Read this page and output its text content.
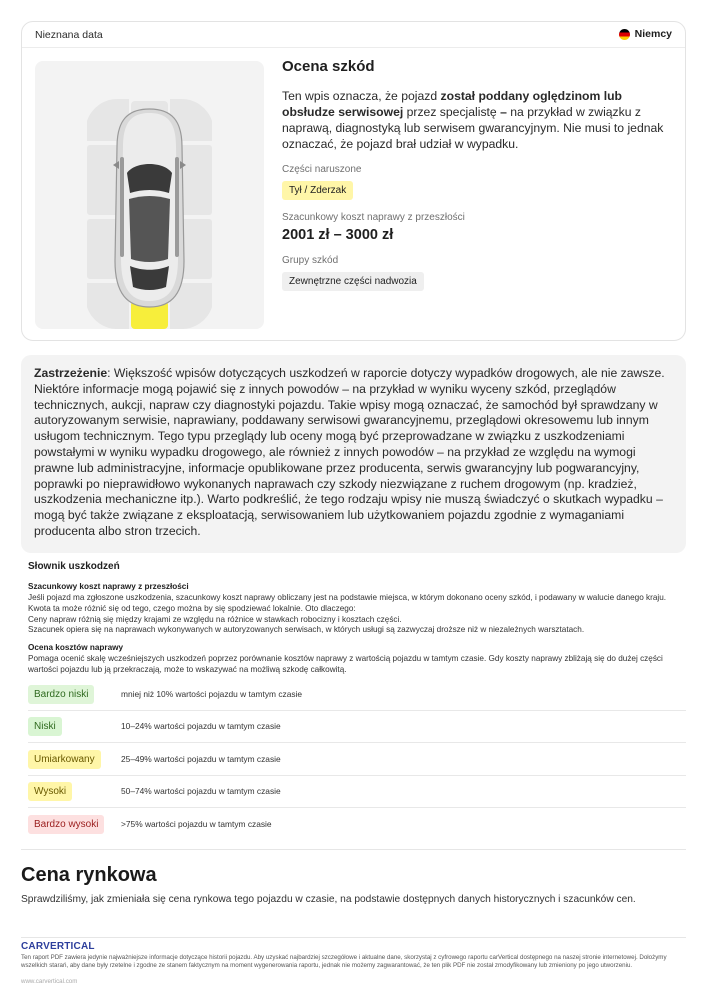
Nieznana data	Niemcy
Ocena szkód
Ten wpis oznacza, że pojazd został poddany oględzinom lub obsłudze serwisowej przez specjalistę – na przykład w związku z naprawą, diagnostyką lub serwisem gwarancyjnym. Nie musi to jednak oznaczać, że pojazd brał udział w wypadku.
Części naruszone
Tył / Zderzak
Szacunkowy koszt naprawy z przeszłości
2001 zł – 3000 zł
Grupy szkód
Zewnętrzne części nadwozia
Zastrzeżenie: Większość wpisów dotyczących uszkodzeń w raporcie dotyczy wypadków drogowych, ale nie zawsze. Niektóre informacje mogą pojawić się z innych powodów – na przykład w wyniku wyceny szkód, przeglądów technicznych, aukcji, napraw czy diagnostyki pojazdu. Takie wpisy mogą oznaczać, że samochód był sprawdzany w autoryzowanym serwisie, naprawiany, poddawany serwisowi gwarancyjnemu, przeglądowi okresowemu lub innym usługom technicznym. Tego typu przeglądy lub oceny mogą być przeprowadzane w związku z uszkodzeniami powstałymi w wyniku wypadku drogowego, ale również z innych powodów – na przykład ze względu na wymogi prawne lub administracyjne, informacje opublikowane przez producenta, serwis gwarancyjny lub pogwarancyjny, poprawki po nieprawidłowo wykonanych naprawach czy szkody niezwiązane z ruchem drogowym (np. kradzież, uszkodzenia mechaniczne itp.). Warto podkreślić, że tego rodzaju wpisy nie muszą świadczyć o skutkach wypadku – mogą być także związane z eksploatacją, serwisowaniem lub użytkowaniem pojazdu zgodnie z wymaganiami producenta albo stron trzecich.
Słownik uszkodzeń
Szacunkowy koszt naprawy z przeszłości
Jeśli pojazd ma zgłoszone uszkodzenia, szacunkowy koszt naprawy obliczany jest na podstawie miejsca, w którym dokonano oceny szkód, i podawany w walucie danego kraju. Kwota ta może różnić się od tego, czego można by się spodziewać lokalnie. Oto dlaczego:
Ceny napraw różnią się między krajami ze względu na różnice w stawkach robocizny i kosztach części.
Szacunek opiera się na naprawach wykonywanych w autoryzowanych serwisach, w których usługi są zazwyczaj droższe niż w niezależnych warsztatach.
Ocena kosztów naprawy
Pomaga ocenić skalę wcześniejszych uszkodzeń poprzez porównanie kosztów naprawy z wartością pojazdu w tamtym czasie. Gdy koszty naprawy zbliżają się do dużej części wartości pojazdu lub ją przekraczają, może to wskazywać na możliwą szkodę całkowitą.
Bardzo niski	mniej niż 10% wartości pojazdu w tamtym czasie
Niski	10–24% wartości pojazdu w tamtym czasie
Umiarkowany	25–49% wartości pojazdu w tamtym czasie
Wysoki	50–74% wartości pojazdu w tamtym czasie
Bardzo wysoki	>75% wartości pojazdu w tamtym czasie
Cena rynkowa
Sprawdziliśmy, jak zmieniała się cena rynkowa tego pojazdu w czasie, na podstawie dostępnych danych historycznych i szacunków cen.
CARVERTICAL
Ten raport PDF zawiera jedynie najważniejsze informacje dotyczące historii pojazdu. Aby uzyskać najbardziej szczegółowe i aktualne dane, skorzystaj z cyfrowego raportu carVertical dostępnego na naszej stronie internetowej. Dołożymy wszelkich starań, aby dane były rzetelne i zgodne ze stanem faktycznym na moment wygenerowania raportu, jednak nie możemy zagwarantować, że ten plik PDF nie został zmodyfikowany lub zmieniony po jego utworzeniu.
www.carvertical.com
